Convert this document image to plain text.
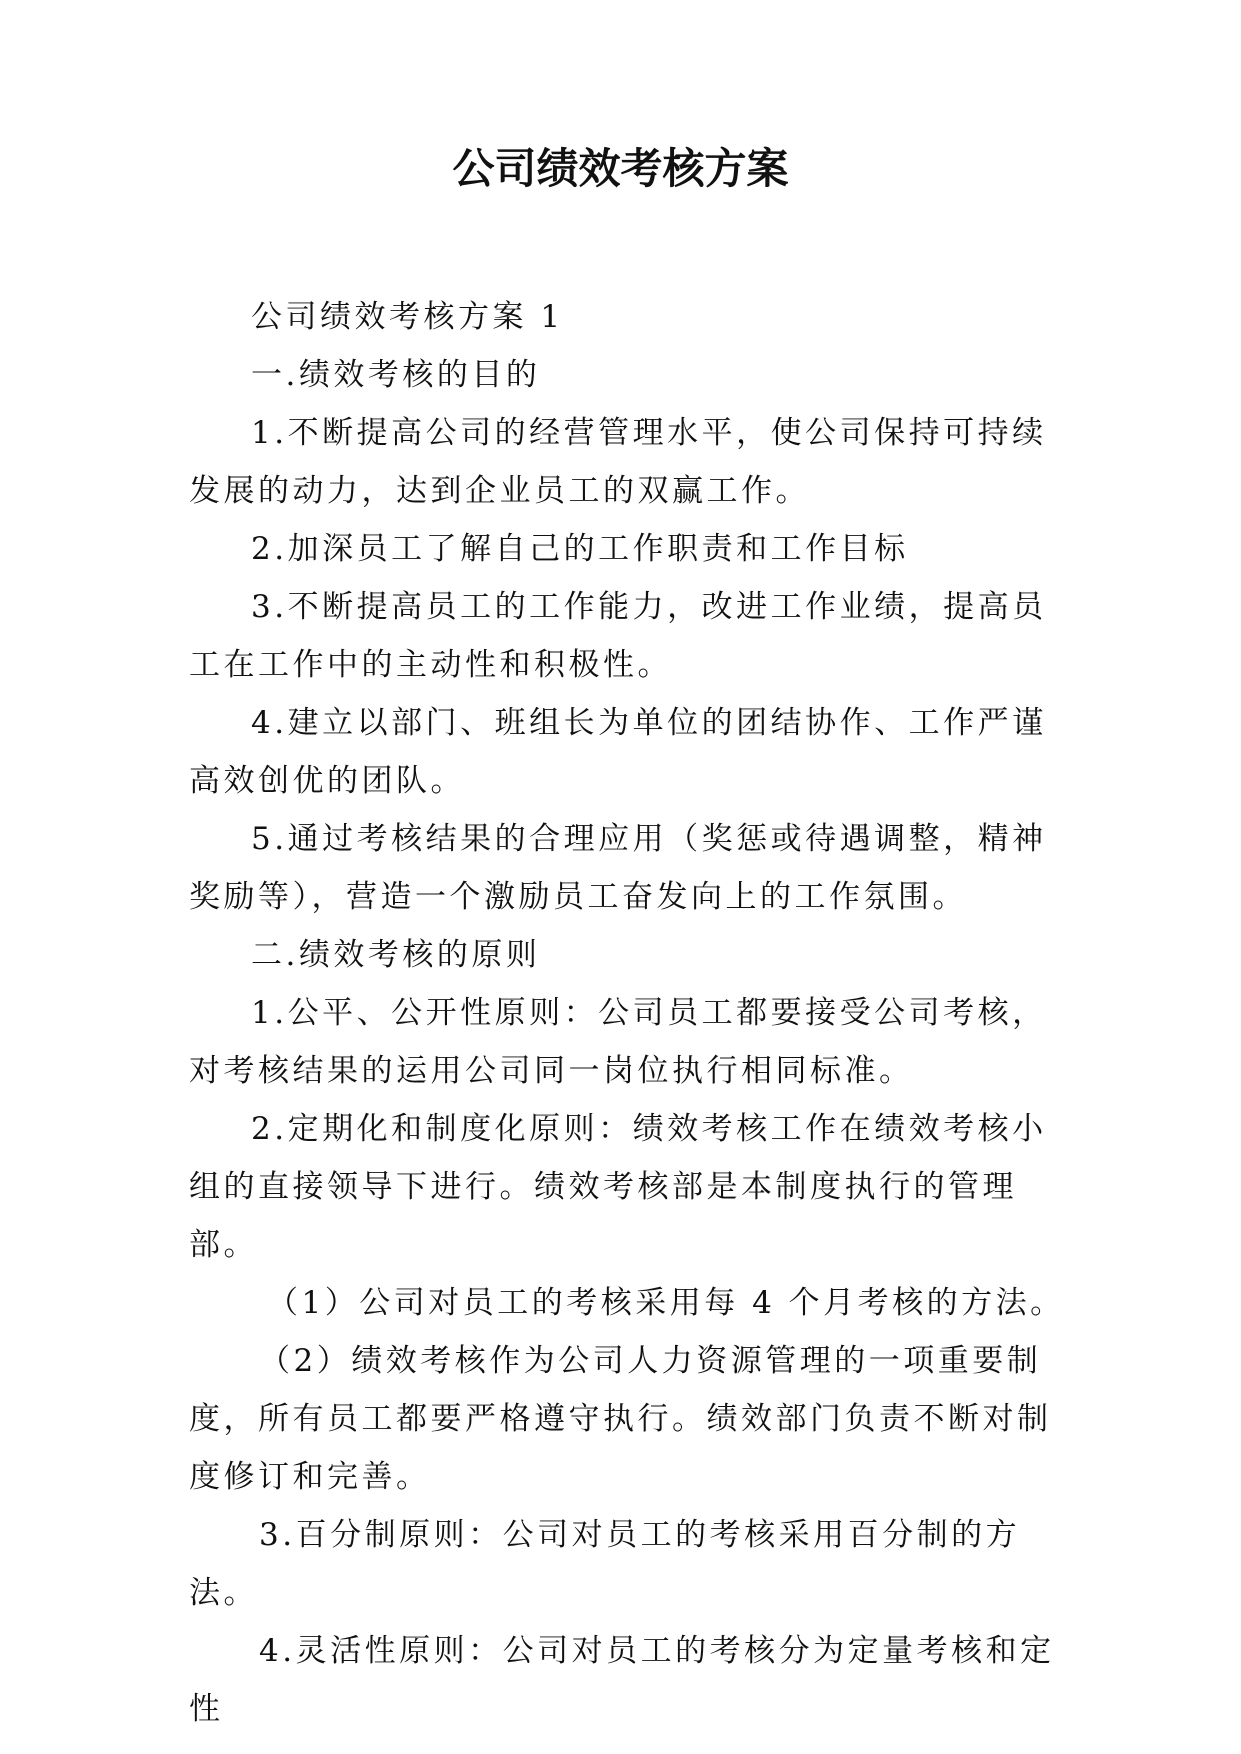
公司绩效考核方案

公司绩效考核方案 1

一.绩效考核的目的

1.不断提高公司的经营管理水平，使公司保持可持续发展的动力，达到企业员工的双赢工作。

2.加深员工了解自己的工作职责和工作目标

3.不断提高员工的工作能力，改进工作业绩，提高员工在工作中的主动性和积极性。

4.建立以部门、班组长为单位的团结协作、工作严谨高效创优的团队。

5.通过考核结果的合理应用（奖惩或待遇调整，精神奖励等），营造一个激励员工奋发向上的工作氛围。

二.绩效考核的原则

1.公平、公开性原则：公司员工都要接受公司考核，对考核结果的运用公司同一岗位执行相同标准。

2.定期化和制度化原则：绩效考核工作在绩效考核小组的直接领导下进行。绩效考核部是本制度执行的管理部。

（1）公司对员工的考核采用每 4 个月考核的方法。

（2）绩效考核作为公司人力资源管理的一项重要制度，所有员工都要严格遵守执行。绩效部门负责不断对制度修订和完善。

3.百分制原则：公司对员工的考核采用百分制的方法。

4.灵活性原则：公司对员工的考核分为定量考核和定性
